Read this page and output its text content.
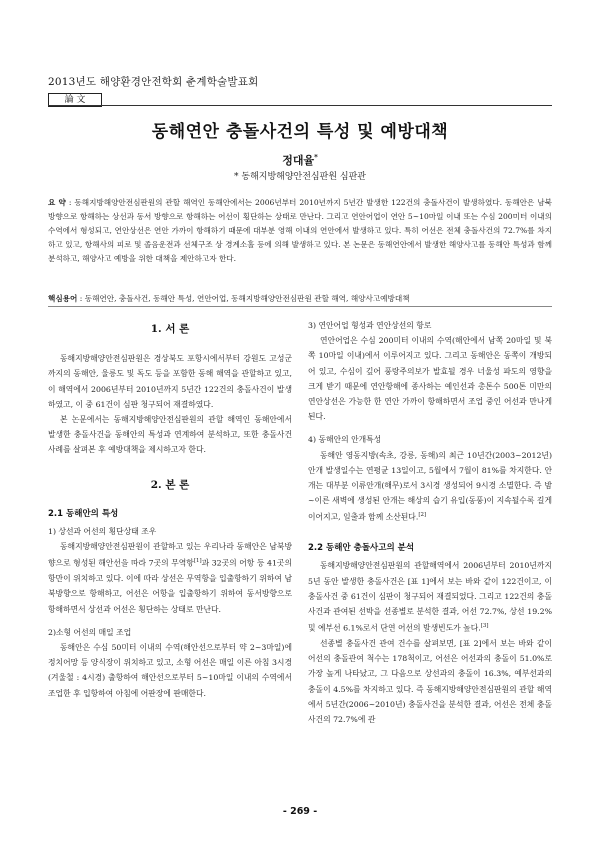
2013년도 해양환경안전학회 춘계학술발표회
論 文
동해연안 충돌사건의 특성 및 예방대책
정대율*
* 동해지방해양안전심판원 심판관
요 약 : 동해지방해양안전심판원의 관할 해역인 동해안에서는 2006년부터 2010년까지 5년간 발생한 122건의 충돌사건이 발생하였다. 동해안은 남북 방향으로 항해하는 상선과 동서 방향으로 항해하는 어선이 횡단하는 상태로 만난다. 그리고 연안어업이 연안 5~10마일 이내 또는 수심 200미터 이내의 수역에서 형성되고, 연안상선은 연안 가까이 항해하기 때문에 대부분 영해 이내의 연안에서 발생하고 있다. 특히 어선은 전체 충돌사건의 72.7%를 차지하고 있고, 항해사의 피로 및 졸음운전과 선체구조 상 경계소홀 등에 의해 발생하고 있다. 본 논문은 동해연안에서 발생한 해양사고를 동해안 특성과 함께 분석하고, 해양사고 예방을 위한 대책을 제안하고자 한다.
핵심용어 : 동해연안, 충돌사건, 동해안 특성, 연안어업, 동해지방해양안전심판원 관할 해역, 해양사고예방대책
1. 서 론

동해지방해양안전심판원은 경상북도 포항시에서부터 강원도 고성군까지의 동해안, 울릉도 및 독도 등을 포함한 동해 해역을 관할하고 있고, 이 해역에서 2006년부터 2010년까지 5년간 122건의 충돌사건이 발생하였고, 이 중 61건이 심판 청구되어 재결하였다.

본 논문에서는 동해지방해양안전심판원의 관할 해역인 동해안에서 발생한 충돌사건을 동해안의 특성과 연계하여 분석하고, 또한 충돌사건 사례를 살펴본 후 예방대책을 제시하고자 한다.

2. 본 론
2.1 동해안의 특성

1) 상선과 어선의 횡단상태 조우

동해지방해양안전심판원이 관할하고 있는 우리나라 동해안은 남북방향으로 형성된 해안선을 따라 7곳의 무역항[1]과 32곳의 어항 등 41곳의 항만이 위치하고 있다. 이에 따라 상선은 무역항을 입출항하기 위하여 남북방향으로 항해하고, 어선은 어항을 입출항하기 위하여 동서방향으로 항해하면서 상선과 어선은 횡단하는 상태로 만난다.

2)소형 어선의 매일 조업

동해안은 수심 50미터 이내의 수역(해안선으로부터 약 2~3마일)에 정치어망 등 양식장이 위치하고 있고, 소형 어선은 매일 이른 아침 3시경(겨울철 : 4시경) 출항하여 해안선으로부터 5~10마일 이내의 수역에서 조업한 후 입항하여 아침에 어판장에 판매한다.

3) 연안어업 형성과 연안상선의 항로

연안어업은 수심 200미터 이내의 수역(해안에서 남쪽 20마일 및 북쪽 10마일 이내)에서 이루어지고 있다. 그리고 동해안은 동쪽이 개방되어 있고, 수심이 깊어 풍랑주의보가 발효될 경우 너울성 파도의 영향을 크게 받기 때문에 연안항해에 종사하는 예인선과 총톤수 500톤 미만의 연안상선은 가능한 한 연안 가까이 항해하면서 조업 중인 어선과 만나게 된다.

4) 동해안의 안개특성

동해안 영동지방(속초, 강릉, 동해)의 최근 10년간(2003~2012년) 안개 발생일수는 연평균 13일이고, 5월에서 7월이 81%를 차지한다. 안개는 대부분 이류안개(해무)로서 3시경 생성되어 9시경 소멸한다. 즉 밤~이른 새벽에 생성된 안개는 해상의 습기 유입(동풍)이 지속될수록 길게 이어지고, 일출과 함께 소산된다.[2]

2.2 동해안 충돌사고의 분석

동해지방해양안전심판원의 관할해역에서 2006년부터 2010년까지 5년 동안 발생한 충돌사건은 [표 1]에서 보는 바와 같이 122건이고, 이 충돌사건 중 61건이 심판이 청구되어 재결되었다. 그리고 122건의 충돌사건과 관여된 선박을 선종별로 분석한 결과, 어선 72.7%, 상선 19.2% 및 예부선 6.1%로서 단연 어선의 발생빈도가 높다.[3]

선종별 충돌사건 관여 건수를 살펴보면, [표 2]에서 보는 바와 같이 어선의 충돌관여 척수는 178척이고, 어선은 어선과의 충돌이 51.0%로 가장 높게 나타났고, 그 다음으로 상선과의 충돌이 16.3%, 예부선과의 충돌이 4.5%를 차지하고 있다. 즉 동해지방해양안전심판원의 관할 해역에서 5년간(2006~2010년) 충돌사건을 분석한 결과, 어선은 전체 충돌사건의 72.7%에 관

- 269 -
